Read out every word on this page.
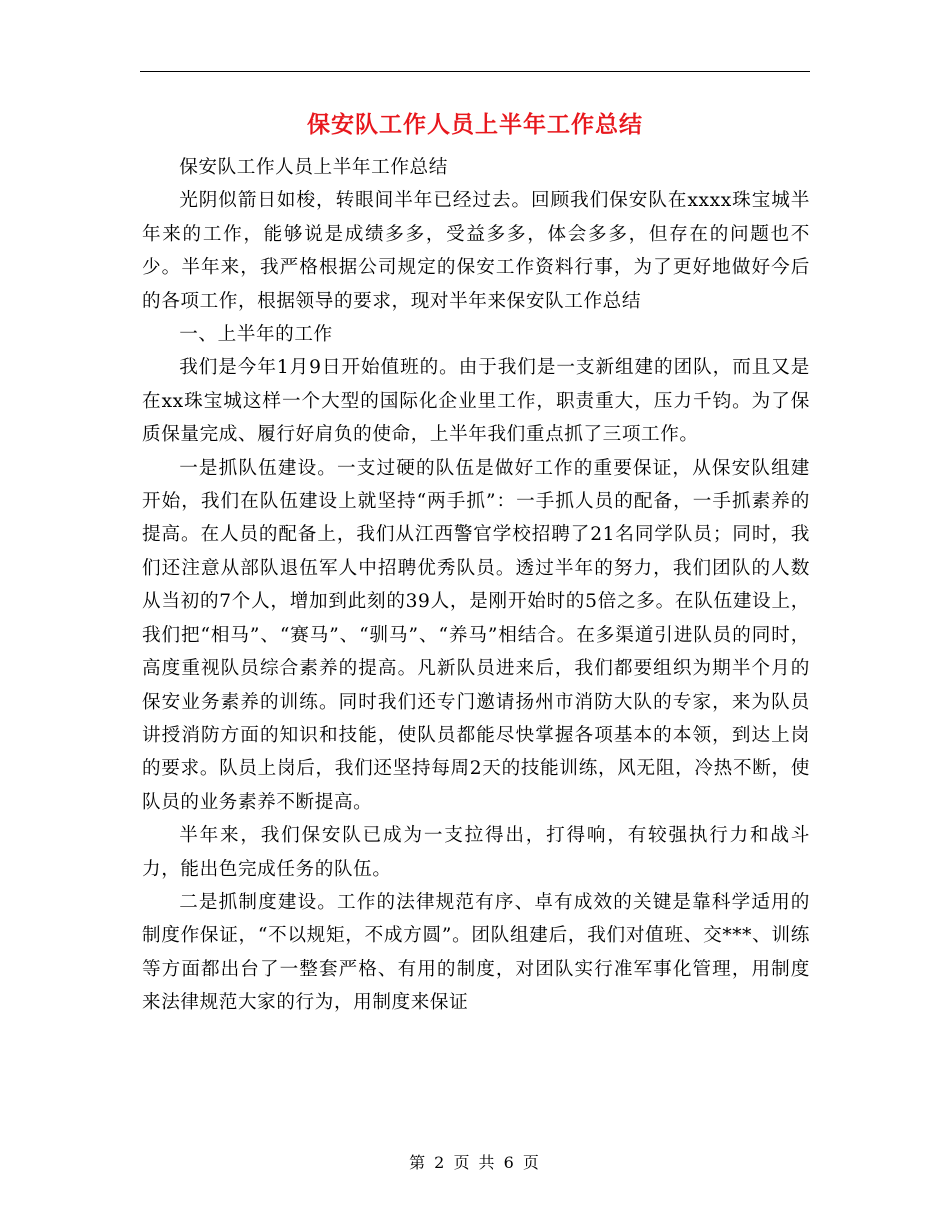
保安队工作人员上半年工作总结

保安队工作人员上半年工作总结

光阴似箭日如梭，转眼间半年已经过去。回顾我们保安队在xxxx珠宝城半年来的工作，能够说是成绩多多，受益多多，体会多多，但存在的问题也不少。半年来，我严格根据公司规定的保安工作资料行事，为了更好地做好今后的各项工作，根据领导的要求，现对半年来保安队工作总结

一、上半年的工作

我们是今年1月9日开始值班的。由于我们是一支新组建的团队，而且又是在xx珠宝城这样一个大型的国际化企业里工作，职责重大，压力千钧。为了保质保量完成、履行好肩负的使命，上半年我们重点抓了三项工作。

一是抓队伍建设。一支过硬的队伍是做好工作的重要保证，从保安队组建开始，我们在队伍建设上就坚持“两手抓”：一手抓人员的配备，一手抓素养的提高。在人员的配备上，我们从江西警官学校招聘了21名同学队员；同时，我们还注意从部队退伍军人中招聘优秀队员。透过半年的努力，我们团队的人数从当初的7个人，增加到此刻的39人，是刚开始时的5倍之多。在队伍建设上，我们把“相马”、“赛马”、“驯马”、“养马”相结合。在多渠道引进队员的同时，高度重视队员综合素养的提高。凡新队员进来后，我们都要组织为期半个月的保安业务素养的训练。同时我们还专门邀请扬州市消防大队的专家，来为队员讲授消防方面的知识和技能，使队员都能尽快掌握各项基本的本领，到达上岗的要求。队员上岗后，我们还坚持每周2天的技能训练，风无阻，冷热不断，使队员的业务素养不断提高。

半年来，我们保安队已成为一支拉得出，打得响，有较强执行力和战斗力，能出色完成任务的队伍。

二是抓制度建设。工作的法律规范有序、卓有成效的关键是靠科学适用的制度作保证，“不以规矩，不成方圆”。团队组建后，我们对值班、交***、训练等方面都出台了一整套严格、有用的制度，对团队实行准军事化管理，用制度来法律规范大家的行为，用制度来保证

第 2 页 共 6 页
